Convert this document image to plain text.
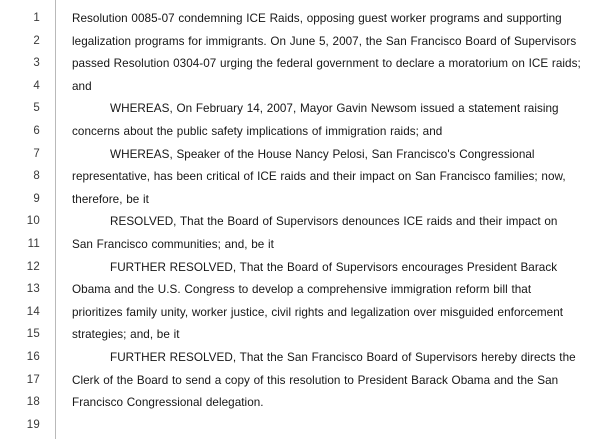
1
2
3
4
5
6
7
8
9
10
11
12
13
14
15
16
17
18
19

Resolution 0085-07 condemning ICE Raids, opposing guest worker programs and supporting legalization programs for immigrants. On June 5, 2007, the San Francisco Board of Supervisors passed Resolution 0304-07 urging the federal government to declare a moratorium on ICE raids; and

WHEREAS, On February 14, 2007, Mayor Gavin Newsom issued a statement raising concerns about the public safety implications of immigration raids; and

WHEREAS, Speaker of the House Nancy Pelosi, San Francisco's Congressional representative, has been critical of ICE raids and their impact on San Francisco families; now, therefore, be it

RESOLVED, That the Board of Supervisors denounces ICE raids and their impact on San Francisco communities; and, be it

FURTHER RESOLVED, That the Board of Supervisors encourages President Barack Obama and the U.S. Congress to develop a comprehensive immigration reform bill that prioritizes family unity, worker justice, civil rights and legalization over misguided enforcement strategies; and, be it

FURTHER RESOLVED, That the San Francisco Board of Supervisors hereby directs the Clerk of the Board to send a copy of this resolution to President Barack Obama and the San Francisco Congressional delegation.
